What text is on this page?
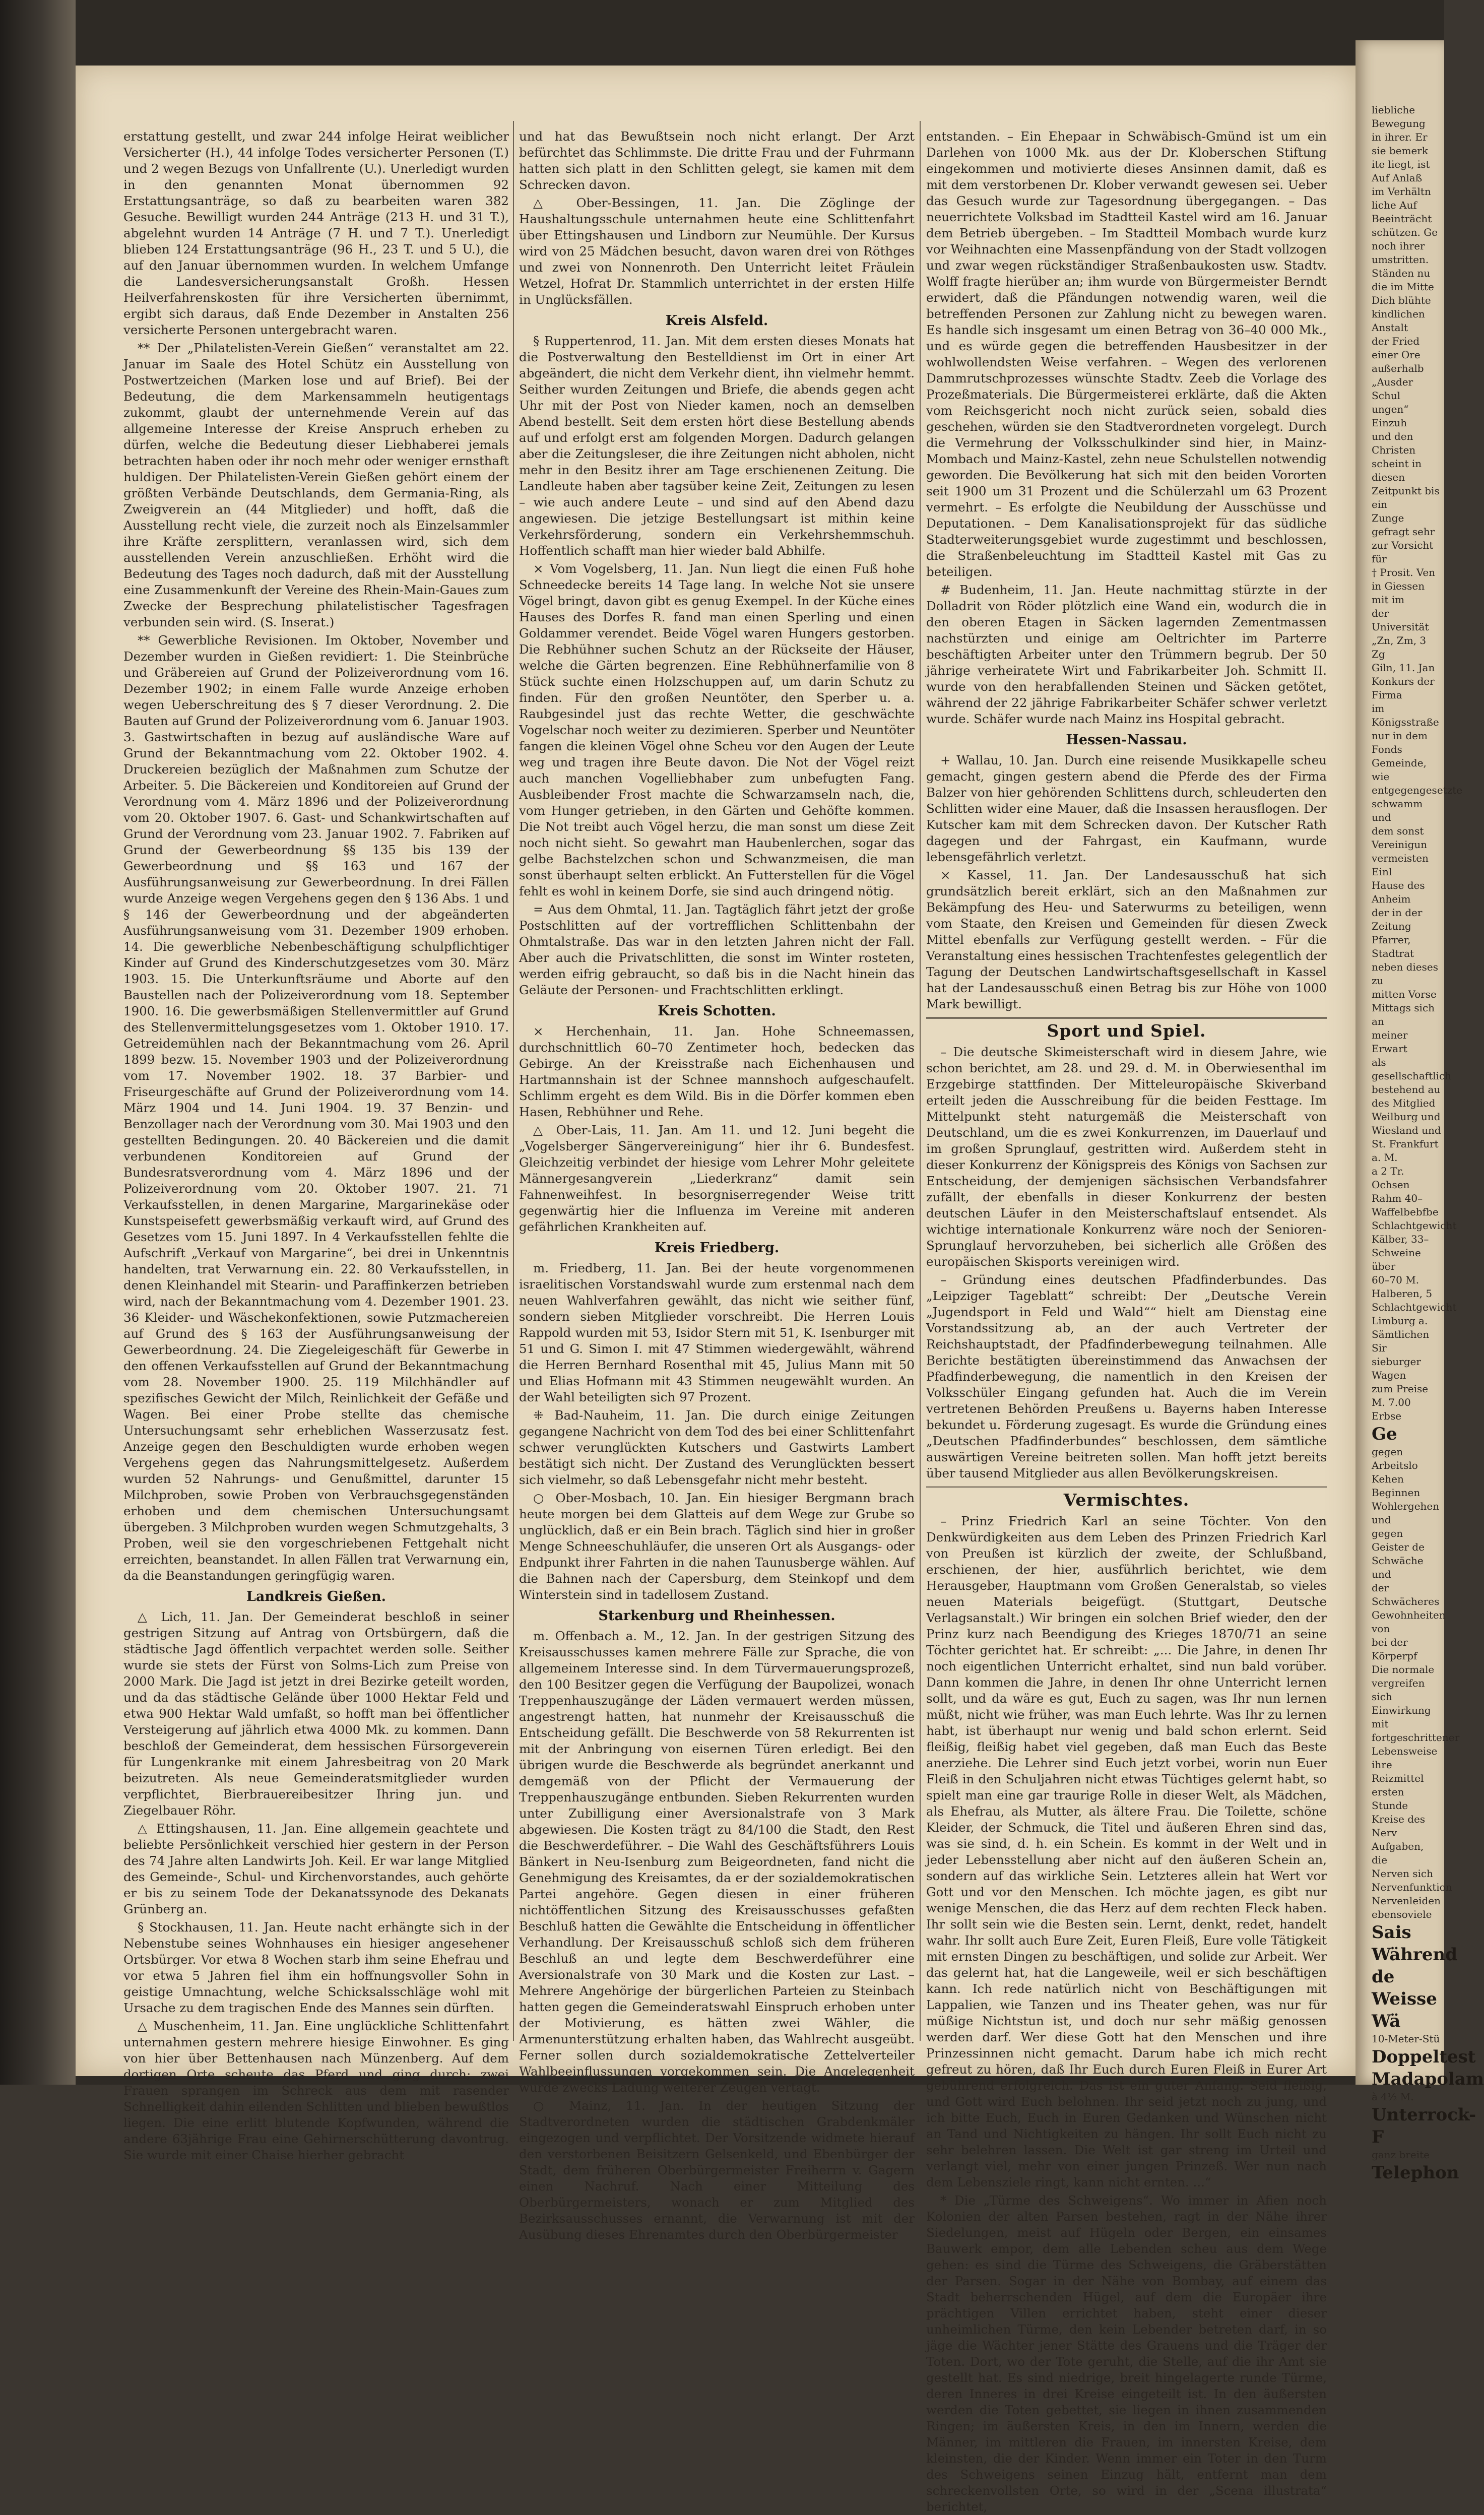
erstattung gestellt, und zwar 244 infolge Heirat weiblicher Versicherter (H.), 44 infolge Todes versicherter Personen (T.) und 2 wegen Bezugs von Unfallrente (U.). Unerledigt wurden in den genannten Monat übernommen 92 Erstattungsanträge, so daß zu bearbeiten waren 382 Gesuche. Bewilligt wurden 244 Anträge (213 H. und 31 T.), abgelehnt wurden 14 Anträge (7 H. und 7 T.). Unerledigt blieben 124 Erstattungsanträge (96 H., 23 T. und 5 U.), die auf den Januar übernommen wurden. In welchem Umfange die Landesversicherungsanstalt Großh. Hessen Heilverfahrenskosten für ihre Versicherten übernimmt, ergibt sich daraus, daß Ende Dezember in Anstalten 256 versicherte Personen untergebracht waren.

** Der „Philatelisten-Verein Gießen“ veranstaltet am 22. Januar im Saale des Hotel Schütz ein Ausstellung von Postwertzeichen (Marken lose und auf Brief). Bei der Bedeutung, die dem Markensammeln heutigentags zukommt, glaubt der unternehmende Verein auf das allgemeine Interesse der Kreise Anspruch erheben zu dürfen, welche die Bedeutung dieser Liebhaberei jemals betrachten haben oder ihr noch mehr oder weniger ernsthaft huldigen. Der Philatelisten-Verein Gießen gehört einem der größten Verbände Deutschlands, dem Germania-Ring, als Zweigverein an (44 Mitglieder) und hofft, daß die Ausstellung recht viele, die zurzeit noch als Einzelsammler ihre Kräfte zersplittern, veranlassen wird, sich dem ausstellenden Verein anzuschließen. Erhöht wird die Bedeutung des Tages noch dadurch, daß mit der Ausstellung eine Zusammenkunft der Vereine des Rhein-Main-Gaues zum Zwecke der Besprechung philatelistischer Tagesfragen verbunden sein wird. (S. Inserat.)

** Gewerbliche Revisionen. Im Oktober, November und Dezember wurden in Gießen revidiert: 1. Die Steinbrüche und Gräbereien auf Grund der Polizeiverordnung vom 16. Dezember 1902; in einem Falle wurde Anzeige erhoben wegen Ueberschreitung des § 7 dieser Verordnung. 2. Die Bauten auf Grund der Polizeiverordnung vom 6. Januar 1903. 3. Gastwirtschaften in bezug auf ausländische Ware auf Grund der Bekanntmachung vom 22. Oktober 1902. 4. Druckereien bezüglich der Maßnahmen zum Schutze der Arbeiter. 5. Die Bäckereien und Konditoreien auf Grund der Verordnung vom 4. März 1896 und der Polizeiverordnung vom 20. Oktober 1907. 6. Gast- und Schankwirtschaften auf Grund der Verordnung vom 23. Januar 1902. 7. Fabriken auf Grund der Gewerbeordnung §§ 135 bis 139 der Gewerbeordnung und §§ 163 und 167 der Ausführungsanweisung zur Gewerbeordnung. In drei Fällen wurde Anzeige wegen Vergehens gegen den § 136 Abs. 1 und § 146 der Gewerbeordnung und der abgeänderten Ausführungsanweisung vom 31. Dezember 1909 erhoben. 14. Die gewerbliche Nebenbeschäftigung schulpflichtiger Kinder auf Grund des Kinderschutzgesetzes vom 30. März 1903. 15. Die Unterkunftsräume und Aborte auf den Baustellen nach der Polizeiverordnung vom 18. September 1900. 16. Die gewerbsmäßigen Stellenvermittler auf Grund des Stellenvermittelungsgesetzes vom 1. Oktober 1910. 17. Getreidemühlen nach der Bekanntmachung vom 26. April 1899 bezw. 15. November 1903 und der Polizeiverordnung vom 17. November 1902. 18. 37 Barbier- und Friseurgeschäfte auf Grund der Polizeiverordnung vom 14. März 1904 und 14. Juni 1904. 19. 37 Benzin- und Benzollager nach der Verordnung vom 30. Mai 1903 und den gestellten Bedingungen. 20. 40 Bäckereien und die damit verbundenen Konditoreien auf Grund der Bundesratsverordnung vom 4. März 1896 und der Polizeiverordnung vom 20. Oktober 1907. 21. 71 Verkaufsstellen, in denen Margarine, Margarinekäse oder Kunstspeisefett gewerbsmäßig verkauft wird, auf Grund des Gesetzes vom 15. Juni 1897. In 4 Verkaufsstellen fehlte die Aufschrift „Verkauf von Margarine“, bei drei in Unkenntnis handelten, trat Verwarnung ein. 22. 80 Verkaufsstellen, in denen Kleinhandel mit Stearin- und Paraffinkerzen betrieben wird, nach der Bekanntmachung vom 4. Dezember 1901. 23. 36 Kleider- und Wäschekonfektionen, sowie Putzmachereien auf Grund des § 163 der Ausführungsanweisung der Gewerbeordnung. 24. Die Ziegeleigeschäft für Gewerbe in den offenen Verkaufsstellen auf Grund der Bekanntmachung vom 28. November 1900. 25. 119 Milchhändler auf spezifisches Gewicht der Milch, Reinlichkeit der Gefäße und Wagen. Bei einer Probe stellte das chemische Untersuchungsamt sehr erheblichen Wasserzusatz fest. Anzeige gegen den Beschuldigten wurde erhoben wegen Vergehens gegen das Nahrungsmittelgesetz. Außerdem wurden 52 Nahrungs- und Genußmittel, darunter 15 Milchproben, sowie Proben von Verbrauchsgegenständen erhoben und dem chemischen Untersuchungsamt übergeben. 3 Milchproben wurden wegen Schmutzgehalts, 3 Proben, weil sie den vorgeschriebenen Fettgehalt nicht erreichten, beanstandet. In allen Fällen trat Verwarnung ein, da die Beanstandungen geringfügig waren.

Landkreis Gießen.

△ Lich, 11. Jan. Der Gemeinderat beschloß in seiner gestrigen Sitzung auf Antrag von Ortsbürgern, daß die städtische Jagd öffentlich verpachtet werden solle. Seither wurde sie stets der Fürst von Solms-Lich zum Preise von 2000 Mark. Die Jagd ist jetzt in drei Bezirke geteilt worden, und da das städtische Gelände über 1000 Hektar Feld und etwa 900 Hektar Wald umfaßt, so hofft man bei öffentlicher Versteigerung auf jährlich etwa 4000 Mk. zu kommen. Dann beschloß der Gemeinderat, dem hessischen Fürsorgeverein für Lungenkranke mit einem Jahresbeitrag von 20 Mark beizutreten. Als neue Gemeinderatsmitglieder wurden verpflichtet, Bierbrauereibesitzer Ihring jun. und Ziegelbauer Röhr.

△ Ettingshausen, 11. Jan. Eine allgemein geachtete und beliebte Persönlichkeit verschied hier gestern in der Person des 74 Jahre alten Landwirts Joh. Keil. Er war lange Mitglied des Gemeinde-, Schul- und Kirchenvorstandes, auch gehörte er bis zu seinem Tode der Dekanatssynode des Dekanats Grünberg an.

§ Stockhausen, 11. Jan. Heute nacht erhängte sich in der Nebenstube seines Wohnhauses ein hiesiger angesehener Ortsbürger. Vor etwa 8 Wochen starb ihm seine Ehefrau und vor etwa 5 Jahren fiel ihm ein hoffnungsvoller Sohn in geistige Umnachtung, welche Schicksalsschläge wohl mit Ursache zu dem tragischen Ende des Mannes sein dürften.

△ Muschenheim, 11. Jan. Eine unglückliche Schlittenfahrt unternahmen gestern mehrere hiesige Einwohner. Es ging von hier über Bettenhausen nach Münzenberg. Auf dem dortigen Orte scheute das Pferd und ging durch; zwei Frauen sprangen im Schreck aus dem mit rasender Schnelligkeit dahin eilenden Schlitten und blieben bewußtlos liegen. Die eine erlitt blutende Kopfwunden, während die andere 63jährige Frau eine Gehirnerschütterung davontrug. Sie wurde mit einer Chaise hierher gebracht

und hat das Bewußtsein noch nicht erlangt. Der Arzt befürchtet das Schlimmste. Die dritte Frau und der Fuhrmann hatten sich platt in den Schlitten gelegt, sie kamen mit dem Schrecken davon.

△ Ober-Bessingen, 11. Jan. Die Zöglinge der Haushaltungsschule unternahmen heute eine Schlittenfahrt über Ettingshausen und Lindborn zur Neumühle. Der Kursus wird von 25 Mädchen besucht, davon waren drei von Röthges und zwei von Nonnenroth. Den Unterricht leitet Fräulein Wetzel, Hofrat Dr. Stammlich unterrichtet in der ersten Hilfe in Unglücksfällen.

Kreis Alsfeld.

§ Ruppertenrod, 11. Jan. Mit dem ersten dieses Monats hat die Postverwaltung den Bestelldienst im Ort in einer Art abgeändert, die nicht dem Verkehr dient, ihn vielmehr hemmt. Seither wurden Zeitungen und Briefe, die abends gegen acht Uhr mit der Post von Nieder kamen, noch an demselben Abend bestellt. Seit dem ersten hört diese Bestellung abends auf und erfolgt erst am folgenden Morgen. Dadurch gelangen aber die Zeitungsleser, die ihre Zeitungen nicht abholen, nicht mehr in den Besitz ihrer am Tage erschienenen Zeitung. Die Landleute haben aber tagsüber keine Zeit, Zeitungen zu lesen – wie auch andere Leute – und sind auf den Abend dazu angewiesen. Die jetzige Bestellungsart ist mithin keine Verkehrsförderung, sondern ein Verkehrshemmschuh. Hoffentlich schafft man hier wieder bald Abhilfe.

× Vom Vogelsberg, 11. Jan. Nun liegt die einen Fuß hohe Schneedecke bereits 14 Tage lang. In welche Not sie unsere Vögel bringt, davon gibt es genug Exempel. In der Küche eines Hauses des Dorfes R. fand man einen Sperling und einen Goldammer verendet. Beide Vögel waren Hungers gestorben. Die Rebhühner suchen Schutz an der Rückseite der Häuser, welche die Gärten begrenzen. Eine Rebhühnerfamilie von 8 Stück suchte einen Holzschuppen auf, um darin Schutz zu finden. Für den großen Neuntöter, den Sperber u. a. Raubgesindel just das rechte Wetter, die geschwächte Vogelschar noch weiter zu dezimieren. Sperber und Neuntöter fangen die kleinen Vögel ohne Scheu vor den Augen der Leute weg und tragen ihre Beute davon. Die Not der Vögel reizt auch manchen Vogelliebhaber zum unbefugten Fang. Ausbleibender Frost machte die Schwarzamseln nach, die, vom Hunger getrieben, in den Gärten und Gehöfte kommen. Die Not treibt auch Vögel herzu, die man sonst um diese Zeit noch nicht sieht. So gewahrt man Haubenlerchen, sogar das gelbe Bachstelzchen schon und Schwanzmeisen, die man sonst überhaupt selten erblickt. An Futterstellen für die Vögel fehlt es wohl in keinem Dorfe, sie sind auch dringend nötig.

= Aus dem Ohmtal, 11. Jan. Tagtäglich fährt jetzt der große Postschlitten auf der vortrefflichen Schlittenbahn der Ohmtalstraße. Das war in den letzten Jahren nicht der Fall. Aber auch die Privatschlitten, die sonst im Winter rosteten, werden eifrig gebraucht, so daß bis in die Nacht hinein das Geläute der Personen- und Frachtschlitten erklingt.

Kreis Schotten.

× Herchenhain, 11. Jan. Hohe Schneemassen, durchschnittlich 60–70 Zentimeter hoch, bedecken das Gebirge. An der Kreisstraße nach Eichenhausen und Hartmannshain ist der Schnee mannshoch aufgeschaufelt. Schlimm ergeht es dem Wild. Bis in die Dörfer kommen eben Hasen, Rebhühner und Rehe.

△ Ober-Lais, 11. Jan. Am 11. und 12. Juni begeht die „Vogelsberger Sängervereinigung“ hier ihr 6. Bundesfest. Gleichzeitig verbindet der hiesige vom Lehrer Mohr geleitete Männergesangverein „Liederkranz“ damit sein Fahnenweihfest. In besorgniserregender Weise tritt gegenwärtig hier die Influenza im Vereine mit anderen gefährlichen Krankheiten auf.

Kreis Friedberg.

m. Friedberg, 11. Jan. Bei der heute vorgenommenen israelitischen Vorstandswahl wurde zum erstenmal nach dem neuen Wahlverfahren gewählt, das nicht wie seither fünf, sondern sieben Mitglieder vorschreibt. Die Herren Louis Rappold wurden mit 53, Isidor Stern mit 51, K. Isenburger mit 51 und G. Simon I. mit 47 Stimmen wiedergewählt, während die Herren Bernhard Rosenthal mit 45, Julius Mann mit 50 und Elias Hofmann mit 43 Stimmen neugewählt wurden. An der Wahl beteiligten sich 97 Prozent.

⁜ Bad-Nauheim, 11. Jan. Die durch einige Zeitungen gegangene Nachricht von dem Tod des bei einer Schlittenfahrt schwer verunglückten Kutschers und Gastwirts Lambert bestätigt sich nicht. Der Zustand des Verunglückten bessert sich vielmehr, so daß Lebensgefahr nicht mehr besteht.

○ Ober-Mosbach, 10. Jan. Ein hiesiger Bergmann brach heute morgen bei dem Glatteis auf dem Wege zur Grube so unglücklich, daß er ein Bein brach. Täglich sind hier in großer Menge Schneeschuhläufer, die unseren Ort als Ausgangs- oder Endpunkt ihrer Fahrten in die nahen Taunusberge wählen. Auf die Bahnen nach der Capersburg, dem Steinkopf und dem Winterstein sind in tadellosem Zustand.

Starkenburg und Rheinhessen.

m. Offenbach a. M., 12. Jan. In der gestrigen Sitzung des Kreisausschusses kamen mehrere Fälle zur Sprache, die von allgemeinem Interesse sind. In dem Türvermauerungsprozeß, den 100 Besitzer gegen die Verfügung der Baupolizei, wonach Treppenhauszugänge der Läden vermauert werden müssen, angestrengt hatten, hat nunmehr der Kreisausschuß die Entscheidung gefällt. Die Beschwerde von 58 Rekurrenten ist mit der Anbringung von eisernen Türen erledigt. Bei den übrigen wurde die Beschwerde als begründet anerkannt und demgemäß von der Pflicht der Vermauerung der Treppenhauszugänge entbunden. Sieben Rekurrenten wurden unter Zubilligung einer Aversionalstrafe von 3 Mark abgewiesen. Die Kosten trägt zu 84/100 die Stadt, den Rest die Beschwerdeführer. – Die Wahl des Geschäftsführers Louis Bänkert in Neu-Isenburg zum Beigeordneten, fand nicht die Genehmigung des Kreisamtes, da er der sozialdemokratischen Partei angehöre. Gegen diesen in einer früheren nichtöffentlichen Sitzung des Kreisausschusses gefaßten Beschluß hatten die Gewählte die Entscheidung in öffentlicher Verhandlung. Der Kreisausschuß schloß sich dem früheren Beschluß an und legte dem Beschwerdeführer eine Aversionalstrafe von 30 Mark und die Kosten zur Last. – Mehrere Angehörige der bürgerlichen Parteien zu Steinbach hatten gegen die Gemeinderatswahl Einspruch erhoben unter der Motivierung, es hätten zwei Wähler, die Armenunterstützung erhalten haben, das Wahlrecht ausgeübt. Ferner sollen durch sozialdemokratische Zettelverteiler Wahlbeeinflussungen vorgekommen sein. Die Angelegenheit wurde zwecks Ladung weiterer Zeugen vertagt.

○ Mainz, 11. Jan. In der heutigen Sitzung der Stadtverordneten wurden die städtischen Grabdenkmäler eingezogen und verpflichtet. Der Vorsitzende widmete hierauf den verstorbenen Beisitzern Gelsenkeld, und Ebenbürger der Stadt, dem früheren Oberbürgermeister Freiherrn v. Gagern einen Nachruf. Nach einer Mitteilung des Oberbürgermeisters, wonach er zum Mitglied des Bezirksausschusses ernannt, die Verwarnung ist mit der Ausübung dieses Ehrenamtes durch den Oberbürgermeister

entstanden. – Ein Ehepaar in Schwäbisch-Gmünd ist um ein Darlehen von 1000 Mk. aus der Dr. Kloberschen Stiftung eingekommen und motivierte dieses Ansinnen damit, daß es mit dem verstorbenen Dr. Klober verwandt gewesen sei. Ueber das Gesuch wurde zur Tagesordnung übergegangen. – Das neuerrichtete Volksbad im Stadtteil Kastel wird am 16. Januar dem Betrieb übergeben. – Im Stadtteil Mombach wurde kurz vor Weihnachten eine Massenpfändung von der Stadt vollzogen und zwar wegen rückständiger Straßenbaukosten usw. Stadtv. Wolff fragte hierüber an; ihm wurde von Bürgermeister Berndt erwidert, daß die Pfändungen notwendig waren, weil die betreffenden Personen zur Zahlung nicht zu bewegen waren. Es handle sich insgesamt um einen Betrag von 36–40 000 Mk., und es würde gegen die betreffenden Hausbesitzer in der wohlwollendsten Weise verfahren. – Wegen des verlorenen Dammrutschprozesses wünschte Stadtv. Zeeb die Vorlage des Prozeßmaterials. Die Bürgermeisterei erklärte, daß die Akten vom Reichsgericht noch nicht zurück seien, sobald dies geschehen, würden sie den Stadtverordneten vorgelegt. Durch die Vermehrung der Volksschulkinder sind hier, in Mainz-Mombach und Mainz-Kastel, zehn neue Schulstellen notwendig geworden. Die Bevölkerung hat sich mit den beiden Vororten seit 1900 um 31 Prozent und die Schülerzahl um 63 Prozent vermehrt. – Es erfolgte die Neubildung der Ausschüsse und Deputationen. – Dem Kanalisationsprojekt für das südliche Stadterweiterungsgebiet wurde zugestimmt und beschlossen, die Straßenbeleuchtung im Stadtteil Kastel mit Gas zu beteiligen.

# Budenheim, 11. Jan. Heute nachmittag stürzte in der Dolladrit von Röder plötzlich eine Wand ein, wodurch die in den oberen Etagen in Säcken lagernden Zementmassen nachstürzten und einige am Oeltrichter im Parterre beschäftigten Arbeiter unter den Trümmern begrub. Der 50 jährige verheiratete Wirt und Fabrikarbeiter Joh. Schmitt II. wurde von den herabfallenden Steinen und Säcken getötet, während der 22 jährige Fabrikarbeiter Schäfer schwer verletzt wurde. Schäfer wurde nach Mainz ins Hospital gebracht.

Hessen-Nassau.

+ Wallau, 10. Jan. Durch eine reisende Musikkapelle scheu gemacht, gingen gestern abend die Pferde des der Firma Balzer von hier gehörenden Schlittens durch, schleuderten den Schlitten wider eine Mauer, daß die Insassen herausflogen. Der Kutscher kam mit dem Schrecken davon. Der Kutscher Rath dagegen und der Fahrgast, ein Kaufmann, wurde lebensgefährlich verletzt.

× Kassel, 11. Jan. Der Landesausschuß hat sich grundsätzlich bereit erklärt, sich an den Maßnahmen zur Bekämpfung des Heu- und Saterwurms zu beteiligen, wenn vom Staate, den Kreisen und Gemeinden für diesen Zweck Mittel ebenfalls zur Verfügung gestellt werden. – Für die Veranstaltung eines hessischen Trachtenfestes gelegentlich der Tagung der Deutschen Landwirtschaftsgesellschaft in Kassel hat der Landesausschuß einen Betrag bis zur Höhe von 1000 Mark bewilligt.

Sport und Spiel.

– Die deutsche Skimeisterschaft wird in diesem Jahre, wie schon berichtet, am 28. und 29. d. M. in Oberwiesenthal im Erzgebirge stattfinden. Der Mitteleuropäische Skiverband erteilt jeden die Ausschreibung für die beiden Festtage. Im Mittelpunkt steht naturgemäß die Meisterschaft von Deutschland, um die es zwei Konkurrenzen, im Dauerlauf und im großen Sprunglauf, gestritten wird. Außerdem steht in dieser Konkurrenz der Königspreis des Königs von Sachsen zur Entscheidung, der demjenigen sächsischen Verbandsfahrer zufällt, der ebenfalls in dieser Konkurrenz der besten deutschen Läufer in den Meisterschaftslauf entsendet. Als wichtige internationale Konkurrenz wäre noch der Senioren-Sprunglauf hervorzuheben, bei sicherlich alle Größen des europäischen Skisports vereinigen wird.

– Gründung eines deutschen Pfadfinderbundes. Das „Leipziger Tageblatt“ schreibt: Der „Deutsche Verein „Jugendsport in Feld und Wald““ hielt am Dienstag eine Vorstandssitzung ab, an der auch Vertreter der Reichshauptstadt, der Pfadfinderbewegung teilnahmen. Alle Berichte bestätigten übereinstimmend das Anwachsen der Pfadfinderbewegung, die namentlich in den Kreisen der Volksschüler Eingang gefunden hat. Auch die im Verein vertretenen Behörden Preußens u. Bayerns haben Interesse bekundet u. Förderung zugesagt. Es wurde die Gründung eines „Deutschen Pfadfinderbundes“ beschlossen, dem sämtliche auswärtigen Vereine beitreten sollen. Man hofft jetzt bereits über tausend Mitglieder aus allen Bevölkerungskreisen.

Vermischtes.

– Prinz Friedrich Karl an seine Töchter. Von den Denkwürdigkeiten aus dem Leben des Prinzen Friedrich Karl von Preußen ist kürzlich der zweite, der Schlußband, erschienen, der hier, ausführlich berichtet, wie dem Herausgeber, Hauptmann vom Großen Generalstab, so vieles neuen Materials beigefügt. (Stuttgart, Deutsche Verlagsanstalt.) Wir bringen ein solchen Brief wieder, den der Prinz kurz nach Beendigung des Krieges 1870/71 an seine Töchter gerichtet hat. Er schreibt: „... Die Jahre, in denen Ihr noch eigentlichen Unterricht erhaltet, sind nun bald vorüber. Dann kommen die Jahre, in denen Ihr ohne Unterricht lernen sollt, und da wäre es gut, Euch zu sagen, was Ihr nun lernen müßt, nicht wie früher, was man Euch lehrte. Was Ihr zu lernen habt, ist überhaupt nur wenig und bald schon erlernt. Seid fleißig, fleißig habet viel gegeben, daß man Euch das Beste anerziehe. Die Lehrer sind Euch jetzt vorbei, worin nun Euer Fleiß in den Schuljahren nicht etwas Tüchtiges gelernt habt, so spielt man eine gar traurige Rolle in dieser Welt, als Mädchen, als Ehefrau, als Mutter, als ältere Frau. Die Toilette, schöne Kleider, der Schmuck, die Titel und äußeren Ehren sind das, was sie sind, d. h. ein Schein. Es kommt in der Welt und in jeder Lebensstellung aber nicht auf den äußeren Schein an, sondern auf das wirkliche Sein. Letzteres allein hat Wert vor Gott und vor den Menschen. Ich möchte jagen, es gibt nur wenige Menschen, die das Herz auf dem rechten Fleck haben. Ihr sollt sein wie die Besten sein. Lernt, denkt, redet, handelt wahr. Ihr sollt auch Eure Zeit, Euren Fleiß, Eure volle Tätigkeit mit ernsten Dingen zu beschäftigen, und solide zur Arbeit. Wer das gelernt hat, hat die Langeweile, weil er sich beschäftigen kann. Ich rede natürlich nicht von Beschäftigungen mit Lappalien, wie Tanzen und ins Theater gehen, was nur für müßige Nichtstun ist, und doch nur sehr mäßig genossen werden darf. Wer diese Gott hat den Menschen und ihre Prinzessinnen nicht gemacht. Darum habe ich mich recht gefreut zu hören, daß Ihr Euch durch Euren Fleiß in Eurer Art gebührend erfolgreich. Das ist ein guter Anfang. Seid fleißig, und Gott wird Euch belohnen. Ihr seid jetzt noch zu jung, und ich bitte Euch, Euch in Euren Gedanken und Wünschen nicht an Tand und Nichtigkeiten zu hängen. Ihr sollt Euch nicht zu sehr belehren lassen. Die Welt ist gar streng im Urteil und verlangt viel, mehr von einer jungen Prinzeß. Wer nun nach dem Lebensziele ringt, kann nicht ernten. ...“

* Die „Türme des Schweigens“. Wo immer in Afien noch Kolonien der alten Parsen bestehen, ragt in der Nähe ihrer Siedelungen, meist auf Hügeln oder Bergen, ein einsames Bauwerk empor, dem alle Lebenden scheu aus dem Wege gehen: es sind die Türme des Schweigens, die Gräberstätten der Parsen. Sogar in der Nähe von Bombay, auf einem das Stadt beherrschenden Hügel, auf dem die Europäer ihre prächtigen Villen errichtet haben, steht einer dieser unheimlichen Türme, den kein Lebender betreten darf, in so jäge die Wächter jener Stätte des Grauens und die Träger der Toten. Dort, wo der Tote geruht, die Stelle, auf die ihr Amt sie gestellt hat. Es sind niedrige, breit hingelagerte runde Türme, deren Inneres in drei Kreise eingeteilt ist. In den äußersten werden die Toten gebettet, sie liegen in ihnen zusammenden Ringen; im äußersten Kreis, in den im Innern, werden die Männer, im mittleren die Frauen, im innersten Kreise, dem kleinsten, die der Kinder. Wenn immer ein Toter in den Turm des Schweigens seinen Einzug hält, entfernt man dem schreckenvollsten Orte, so wird in der „Scena illustrata“ berichtet,

liebliche Bewegung
in ihrer. Er sie bemerk
ite liegt, ist
Auf Anlaß
im Verhältn
liche Auf
Beeinträcht
schützen. Ge
noch ihrer
umstritten.
Ständen nu
die im Mitte
Dich blühte
kindlichen
Anstalt
der Fried
einer Ore
außerhalb
„Ausder Schul
ungen“ Einzuh
und den Christen
scheint in diesen
Zeitpunkt bis ein
Zunge gefragt sehr
zur Vorsicht für
† Prosit. Ven
in Giessen mit im
der Universität
„Zn, Zm, 3 Zg
Giln, 11. Jan
Konkurs der Firma
im Königsstraße
nur in dem Fonds
Gemeinde, wie
entgegengesetzte
schwamm und
dem sonst Vereinigun
vermeisten Einl
Hause des Anheim
der in der Zeitung
Pfarrer, Stadtrat
neben dieses zu
mitten Vorse
Mittags sich an
meiner Erwart
als gesellschaftlich
bestehend au
des Mitglied
Weilburg und
Wiesland und
St. Frankfurt a. M.
a 2 Tr. Ochsen
Rahm 40–
Waffelbebfbe
Schlachtgewicht
Kälber, 33–
Schweine über
60–70 M.
Halberen, 5
Schlachtgewicht
Limburg a.
Sämtlichen Sir
sieburger Wagen
zum Preise
M. 7.00 Erbse
Ge
gegen Arbeitslo
Kehen Beginnen
Wohlergehen und
gegen Geister de
Schwäche und
der Schwächeres
Gewohnheiten von
bei der Körperpf
Die normale
vergreifen sich
Einwirkung mit
fortgeschrittener
Lebensweise
ihre Reizmittel
ersten Stunde
Kreise des Nerv
Aufgaben, die
Nerven sich
Nervenfunktion
Nervenleiden
ebensoviele
Sais
Während de
Weisse Wä
10-Meter-Stü
Doppeltest
Madapolam
à 4½ M.
Unterrock-F
ganz breite
Telephon
